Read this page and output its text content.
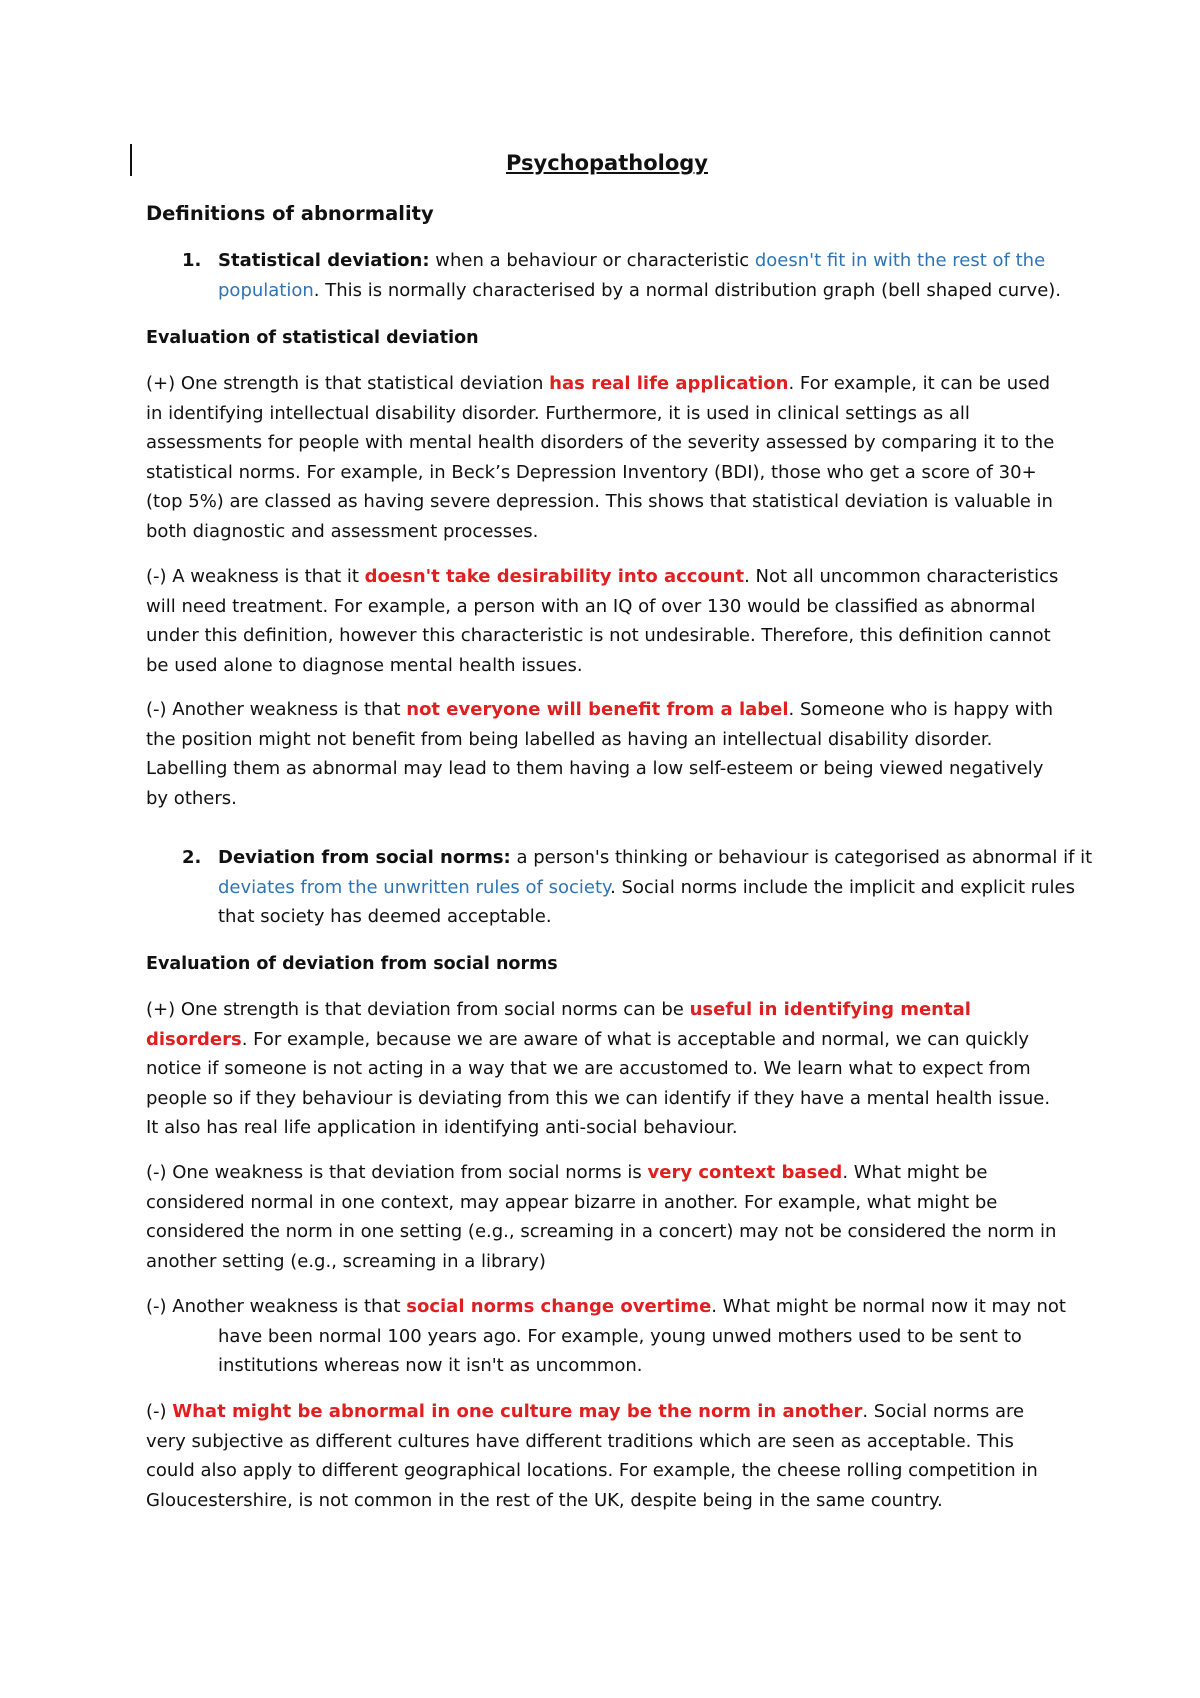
Psychopathology
Definitions of abnormality
1. Statistical deviation: when a behaviour or characteristic doesn't fit in with the rest of the population. This is normally characterised by a normal distribution graph (bell shaped curve).
Evaluation of statistical deviation

(+) One strength is that statistical deviation has real life application. For example, it can be used in identifying intellectual disability disorder. Furthermore, it is used in clinical settings as all assessments for people with mental health disorders of the severity assessed by comparing it to the statistical norms. For example, in Beck’s Depression Inventory (BDI), those who get a score of 30+ (top 5%) are classed as having severe depression. This shows that statistical deviation is valuable in both diagnostic and assessment processes.

(-) A weakness is that it doesn't take desirability into account. Not all uncommon characteristics will need treatment. For example, a person with an IQ of over 130 would be classified as abnormal under this definition, however this characteristic is not undesirable. Therefore, this definition cannot be used alone to diagnose mental health issues.

(-) Another weakness is that not everyone will benefit from a label. Someone who is happy with the position might not benefit from being labelled as having an intellectual disability disorder. Labelling them as abnormal may lead to them having a low self-esteem or being viewed negatively by others.

2. Deviation from social norms: a person's thinking or behaviour is categorised as abnormal if it deviates from the unwritten rules of society. Social norms include the implicit and explicit rules that society has deemed acceptable.
Evaluation of deviation from social norms

(+) One strength is that deviation from social norms can be useful in identifying mental disorders. For example, because we are aware of what is acceptable and normal, we can quickly notice if someone is not acting in a way that we are accustomed to. We learn what to expect from people so if they behaviour is deviating from this we can identify if they have a mental health issue. It also has real life application in identifying anti-social behaviour.

(-) One weakness is that deviation from social norms is very context based. What might be considered normal in one context, may appear bizarre in another. For example, what might be considered the norm in one setting (e.g., screaming in a concert) may not be considered the norm in another setting (e.g., screaming in a library)

(-) Another weakness is that social norms change overtime. What might be normal now it may not have been normal 100 years ago. For example, young unwed mothers used to be sent to institutions whereas now it isn't as uncommon.

(-) What might be abnormal in one culture may be the norm in another. Social norms are very subjective as different cultures have different traditions which are seen as acceptable. This could also apply to different geographical locations. For example, the cheese rolling competition in Gloucestershire, is not common in the rest of the UK, despite being in the same country.
